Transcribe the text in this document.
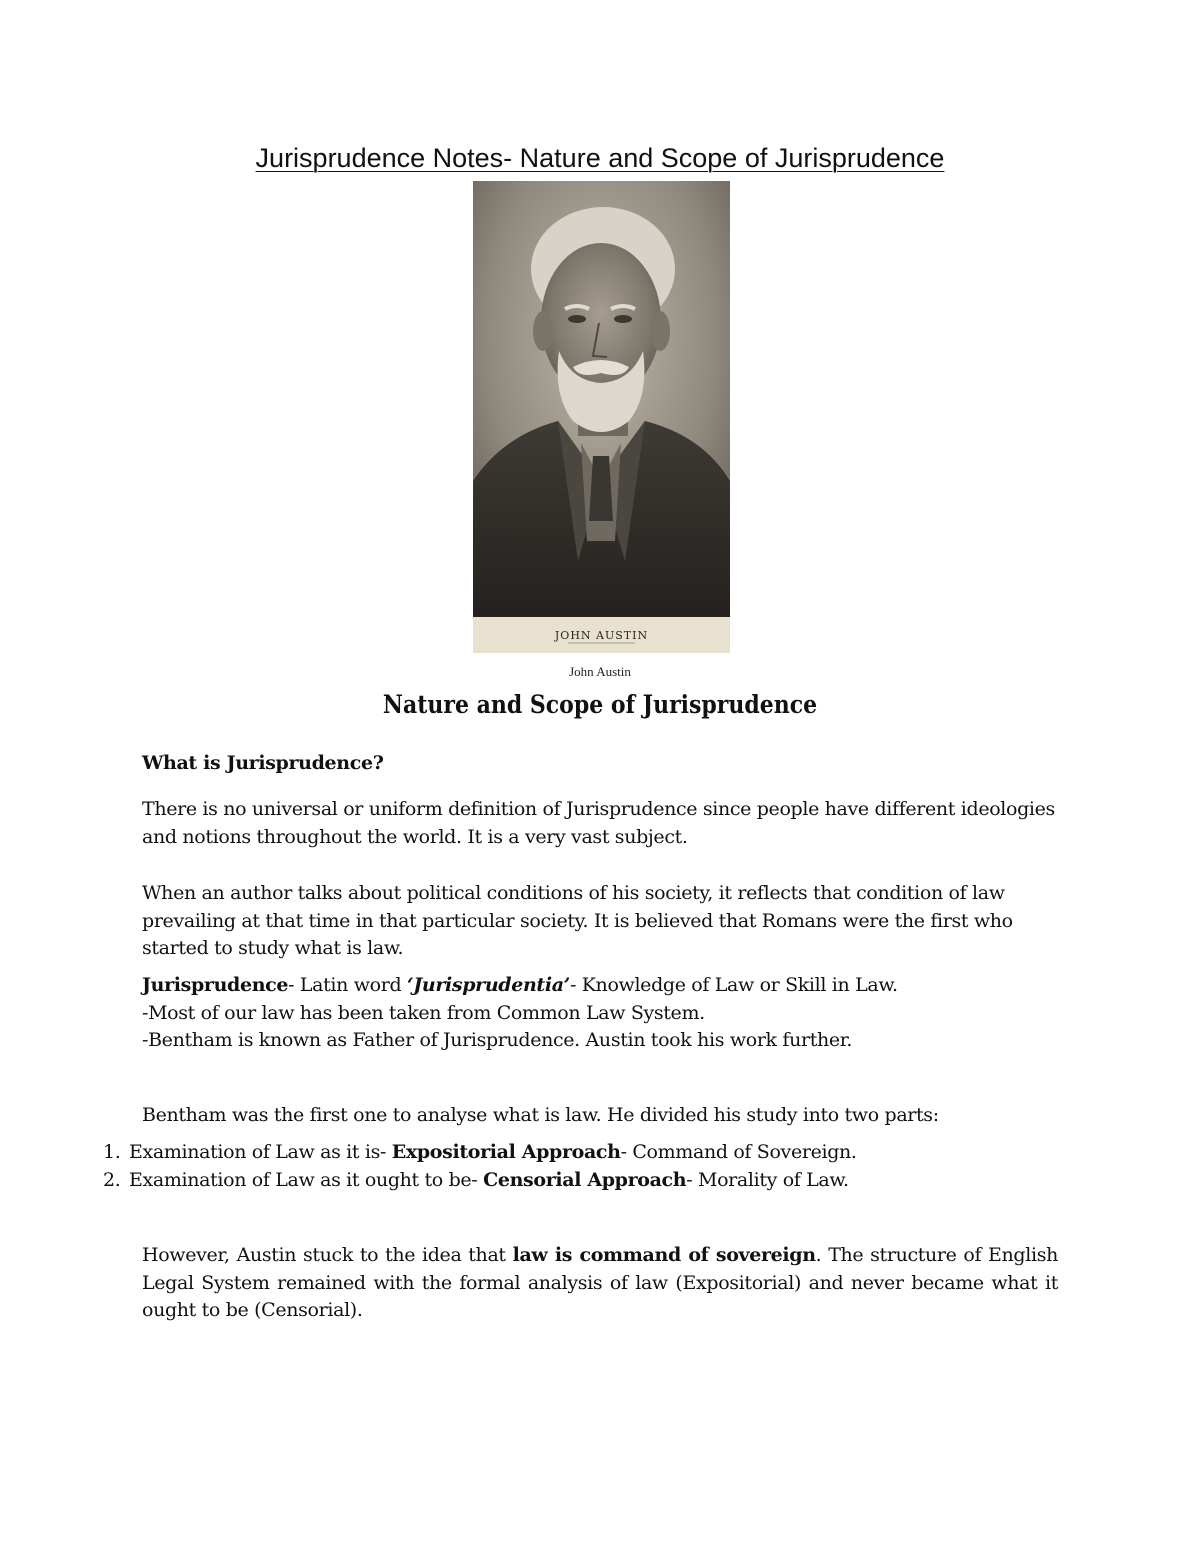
Jurisprudence Notes- Nature and Scope of Jurisprudence
JOHN AUSTIN
John Austin
Nature and Scope of Jurisprudence
What is Jurisprudence?

There is no universal or uniform definition of Jurisprudence since people have different ideologies and notions throughout the world. It is a very vast subject.

When an author talks about political conditions of his society, it reflects that condition of law prevailing at that time in that particular society. It is believed that Romans were the first who started to study what is law.

Jurisprudence- Latin word ‘Jurisprudentia’- Knowledge of Law or Skill in Law.

-Most of our law has been taken from Common Law System.

-Bentham is known as Father of Jurisprudence. Austin took his work further.

Bentham was the first one to analyse what is law. He divided his study into two parts:

1. Examination of Law as it is- Expositorial Approach- Command of Sovereign.
2. Examination of Law as it ought to be- Censorial Approach- Morality of Law.

However, Austin stuck to the idea that law is command of sovereign. The structure of English Legal System remained with the formal analysis of law (Expositorial) and never became what it ought to be (Censorial).
